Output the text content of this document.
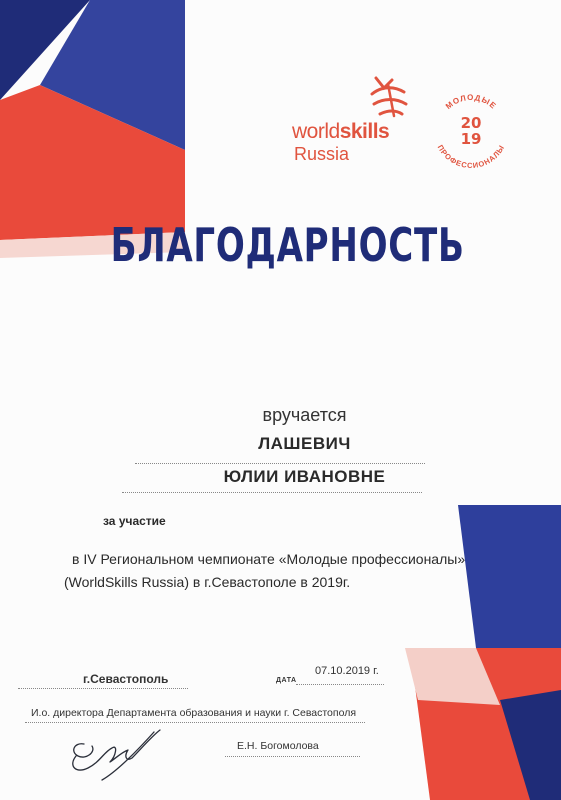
worldskills
Russia
МОЛОДЫЕ
ПРОФЕССИОНАЛЫ
20
19
БЛАГОДАРНОСТЬ
вручается
ЛАШЕВИЧ
ЮЛИИ ИВАНОВНЕ
за участие
в IV Региональном чемпионате «Молодые профессионалы»
(WorldSkills Russia) в г.Севастополе в 2019г.
г.Севастополь	ДАТА
07.10.2019 г.
И.о. директора Департамента образования и науки г. Севастополя
Е.Н. Богомолова
